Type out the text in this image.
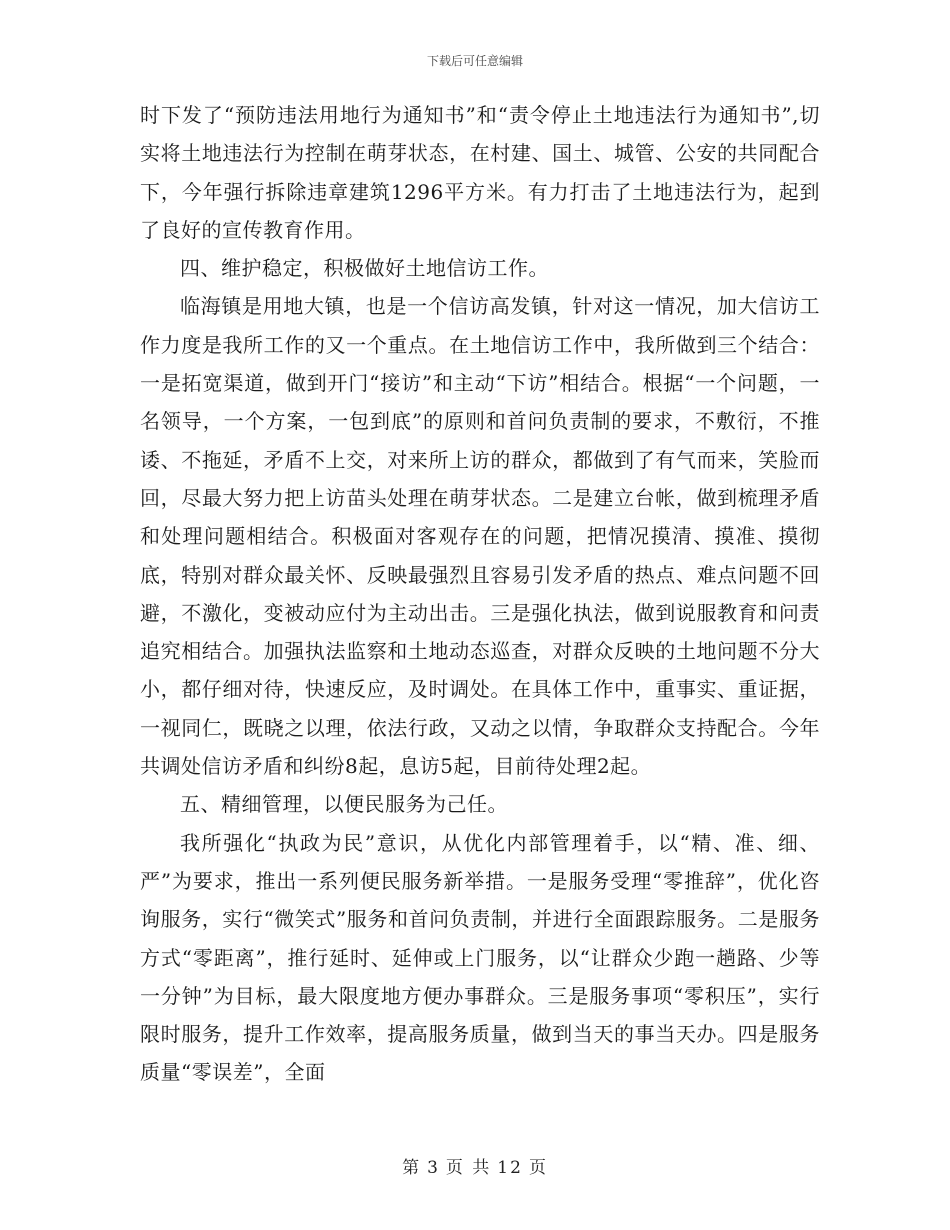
下载后可任意编辑

时下发了“预防违法用地行为通知书”和“责令停止土地违法行为通知书”,切实将土地违法行为控制在萌芽状态，在村建、国土、城管、公安的共同配合下，今年强行拆除违章建筑1296平方米。有力打击了土地违法行为，起到了良好的宣传教育作用。

四、维护稳定，积极做好土地信访工作。

临海镇是用地大镇，也是一个信访高发镇，针对这一情况，加大信访工作力度是我所工作的又一个重点。在土地信访工作中，我所做到三个结合：一是拓宽渠道，做到开门“接访”和主动“下访”相结合。根据“一个问题，一名领导，一个方案，一包到底”的原则和首问负责制的要求，不敷衍，不推诿、不拖延，矛盾不上交，对来所上访的群众，都做到了有气而来，笑脸而回，尽最大努力把上访苗头处理在萌芽状态。二是建立台帐，做到梳理矛盾和处理问题相结合。积极面对客观存在的问题，把情况摸清、摸准、摸彻底，特别对群众最关怀、反映最强烈且容易引发矛盾的热点、难点问题不回避，不激化，变被动应付为主动出击。三是强化执法，做到说服教育和问责追究相结合。加强执法监察和土地动态巡查，对群众反映的土地问题不分大小，都仔细对待，快速反应，及时调处。在具体工作中，重事实、重证据，一视同仁，既晓之以理，依法行政，又动之以情，争取群众支持配合。今年共调处信访矛盾和纠纷8起，息访5起，目前待处理2起。

五、精细管理，以便民服务为己任。

我所强化“执政为民”意识，从优化内部管理着手，以“精、准、细、严”为要求，推出一系列便民服务新举措。一是服务受理“零推辞”，优化咨询服务，实行“微笑式”服务和首问负责制，并进行全面跟踪服务。二是服务方式“零距离”，推行延时、延伸或上门服务，以“让群众少跑一趟路、少等一分钟”为目标，最大限度地方便办事群众。三是服务事项“零积压”，实行限时服务，提升工作效率，提高服务质量，做到当天的事当天办。四是服务质量“零误差”，全面

第 3 页 共 12 页
